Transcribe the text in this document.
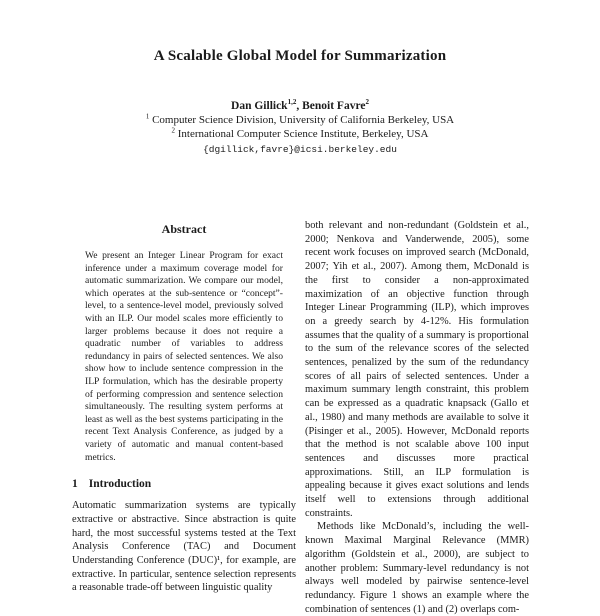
A Scalable Global Model for Summarization
Dan Gillick$^{1,2}$, Benoit Favre$^2$
$^1$ Computer Science Division, University of California Berkeley, USA
$^2$ International Computer Science Institute, Berkeley, USA
{dgillick,favre}@icsi.berkeley.edu
Abstract

We present an Integer Linear Program for exact inference under a maximum coverage model for automatic summarization. We compare our model, which operates at the sub-sentence or “concept”-level, to a sentence-level model, previously solved with an ILP. Our model scales more efficiently to larger problems because it does not require a quadratic number of variables to address redundancy in pairs of selected sentences. We also show how to include sentence compression in the ILP formulation, which has the desirable property of performing compression and sentence selection simultaneously. The resulting system performs at least as well as the best systems participating in the recent Text Analysis Conference, as judged by a variety of automatic and manual content-based metrics.

1 Introduction

Automatic summarization systems are typically extractive or abstractive. Since abstraction is quite hard, the most successful systems tested at the Text Analysis Conference (TAC) and Document Understanding Conference (DUC)¹, for example, are extractive. In particular, sentence selection represents a reasonable trade-off between linguistic quality

both relevant and non-redundant (Goldstein et al., 2000; Nenkova and Vanderwende, 2005), some recent work focuses on improved search (McDonald, 2007; Yih et al., 2007). Among them, McDonald is the first to consider a non-approximated maximization of an objective function through Integer Linear Programming (ILP), which improves on a greedy search by 4-12%. His formulation assumes that the quality of a summary is proportional to the sum of the relevance scores of the selected sentences, penalized by the sum of the redundancy scores of all pairs of selected sentences. Under a maximum summary length constraint, this problem can be expressed as a quadratic knapsack (Gallo et al., 1980) and many methods are available to solve it (Pisinger et al., 2005). However, McDonald reports that the method is not scalable above 100 input sentences and discusses more practical approximations. Still, an ILP formulation is appealing because it gives exact solutions and lends itself well to extensions through additional constraints.

Methods like McDonald’s, including the well-known Maximal Marginal Relevance (MMR) algorithm (Goldstein et al., 2000), are subject to another problem: Summary-level redundancy is not always well modeled by pairwise sentence-level redundancy. Figure 1 shows an example where the combination of sentences (1) and (2) overlaps com-
